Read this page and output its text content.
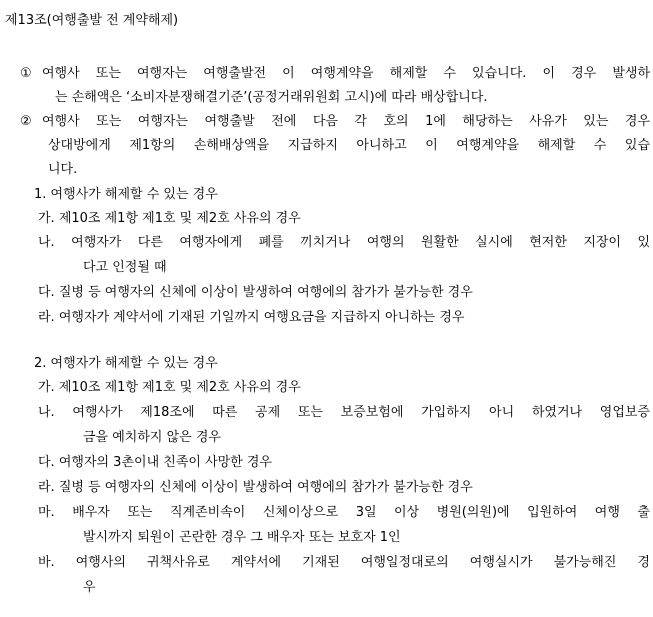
제13조(여행출발 전 계약해제)
① 여행사 또는 여행자는 여행출발전 이 여행계약을 해제할 수 있습니다. 이 경우 발생하
는 손해액은 ‘소비자분쟁해결기준’(공정거래위원회 고시)에 따라 배상합니다.
② 여행사 또는 여행자는 여행출발 전에 다음 각 호의 1에 해당하는 사유가 있는 경우
상대방에게 제1항의 손해배상액을 지급하지 아니하고 이 여행계약을 해제할 수 있습
니다.
1. 여행사가 해제할 수 있는 경우
가. 제10조 제1항 제1호 및 제2호 사유의 경우
나. 여행자가 다른 여행자에게 폐를 끼치거나 여행의 원활한 실시에 현저한 지장이 있
다고 인정될 때
다. 질병 등 여행자의 신체에 이상이 발생하여 여행에의 참가가 불가능한 경우
라. 여행자가 계약서에 기재된 기일까지 여행요금을 지급하지 아니하는 경우
2. 여행자가 해제할 수 있는 경우
가. 제10조 제1항 제1호 및 제2호 사유의 경우
나. 여행사가 제18조에 따른 공제 또는 보증보험에 가입하지 아니 하였거나 영업보증
금을 예치하지 않은 경우
다. 여행자의 3촌이내 친족이 사망한 경우
라. 질병 등 여행자의 신체에 이상이 발생하여 여행에의 참가가 불가능한 경우
마. 배우자 또는 직계존비속이 신체이상으로 3일 이상 병원(의원)에 입원하여 여행 출
발시까지 퇴원이 곤란한 경우 그 배우자 또는 보호자 1인
바. 여행사의 귀책사유로 계약서에 기재된 여행일정대로의 여행실시가 불가능해진 경
우
